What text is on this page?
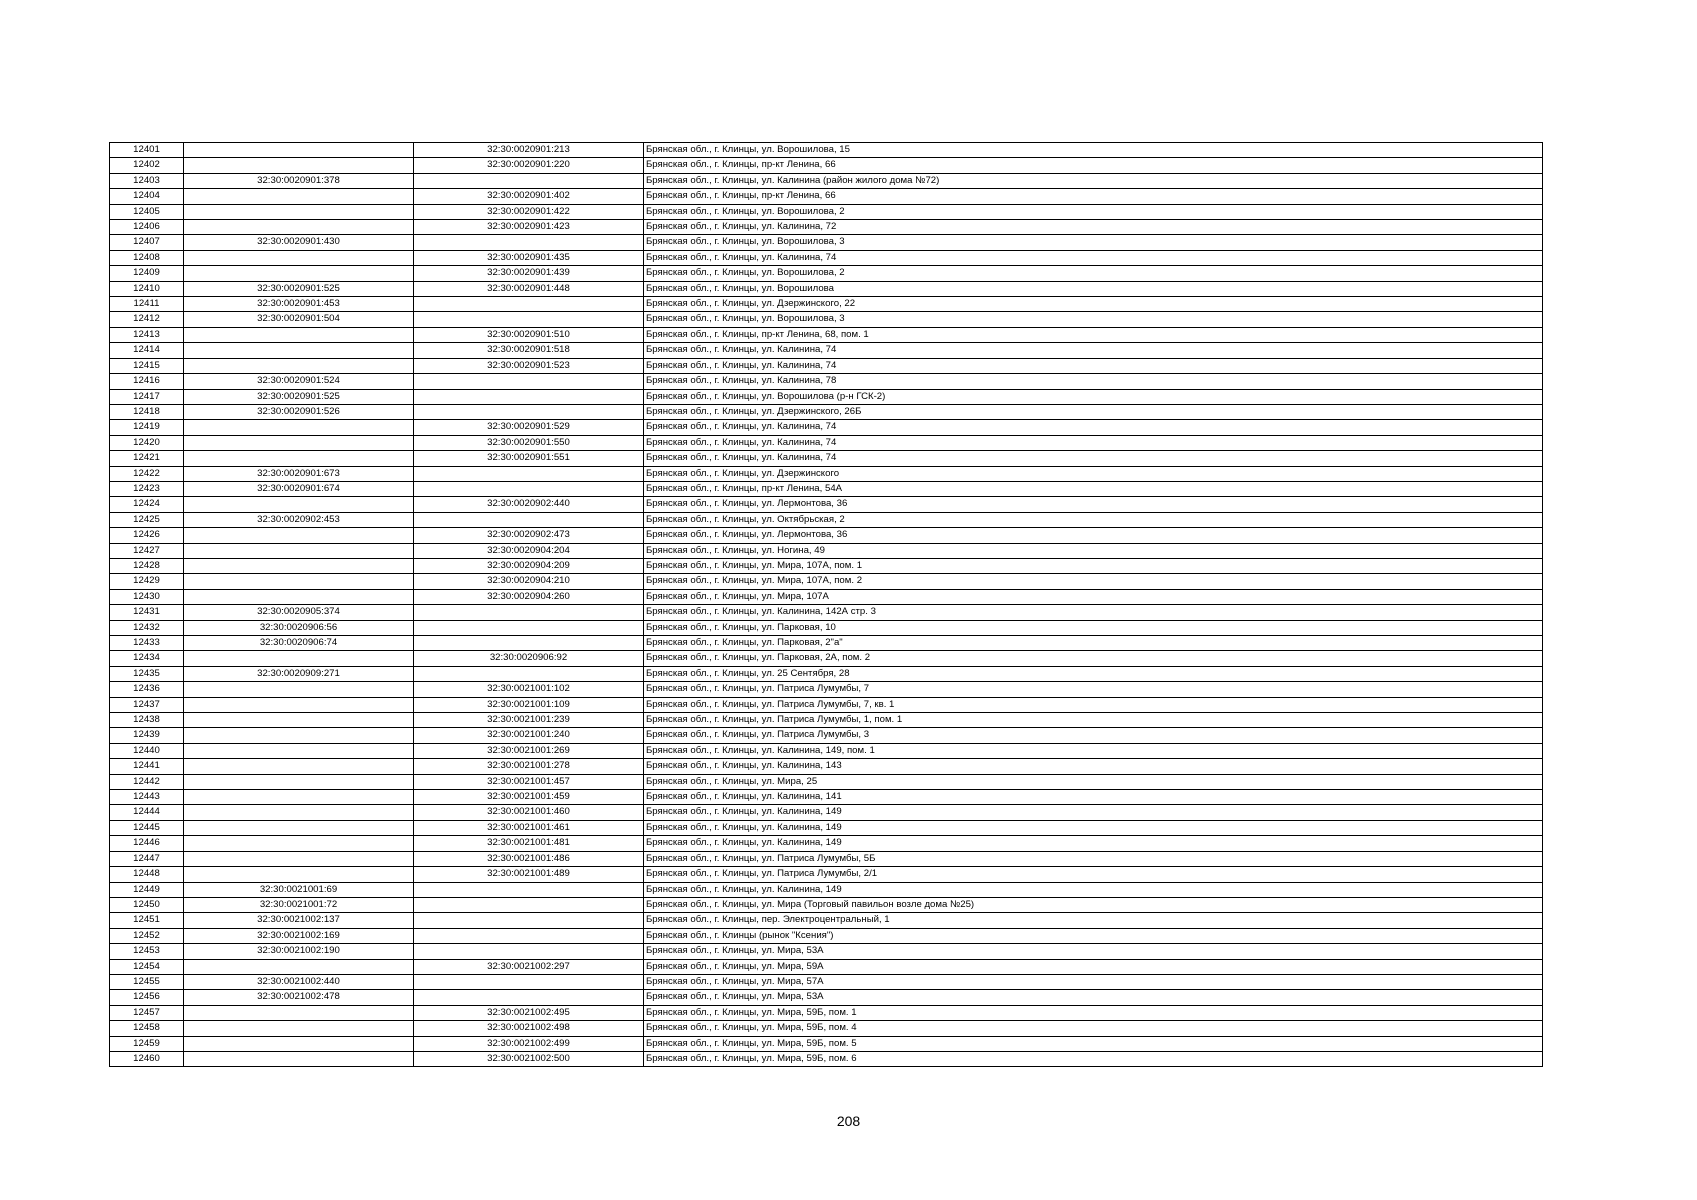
12401		32:30:0020901:213	Брянская обл., г. Клинцы, ул. Ворошилова, 15
12402		32:30:0020901:220	Брянская обл., г. Клинцы, пр-кт Ленина, 66
12403	32:30:0020901:378		Брянская обл., г. Клинцы, ул. Калинина (район жилого дома №72)
12404		32:30:0020901:402	Брянская обл., г. Клинцы, пр-кт Ленина, 66
12405		32:30:0020901:422	Брянская обл., г. Клинцы, ул. Ворошилова, 2
12406		32:30:0020901:423	Брянская обл., г. Клинцы, ул. Калинина, 72
12407	32:30:0020901:430		Брянская обл., г. Клинцы, ул. Ворошилова, 3
12408		32:30:0020901:435	Брянская обл., г. Клинцы, ул. Калинина, 74
12409		32:30:0020901:439	Брянская обл., г. Клинцы, ул. Ворошилова, 2
12410	32:30:0020901:525	32:30:0020901:448	Брянская обл., г. Клинцы, ул. Ворошилова
12411	32:30:0020901:453		Брянская обл., г. Клинцы, ул. Дзержинского, 22
12412	32:30:0020901:504		Брянская обл., г. Клинцы, ул. Ворошилова, 3
12413		32:30:0020901:510	Брянская обл., г. Клинцы, пр-кт Ленина, 68, пом. 1
12414		32:30:0020901:518	Брянская обл., г. Клинцы, ул. Калинина, 74
12415		32:30:0020901:523	Брянская обл., г. Клинцы, ул. Калинина, 74
12416	32:30:0020901:524		Брянская обл., г. Клинцы, ул. Калинина, 78
12417	32:30:0020901:525		Брянская обл., г. Клинцы, ул. Ворошилова (р-н ГСК-2)
12418	32:30:0020901:526		Брянская обл., г. Клинцы, ул. Дзержинского, 26Б
12419		32:30:0020901:529	Брянская обл., г. Клинцы, ул. Калинина, 74
12420		32:30:0020901:550	Брянская обл., г. Клинцы, ул. Калинина, 74
12421		32:30:0020901:551	Брянская обл., г. Клинцы, ул. Калинина, 74
12422	32:30:0020901:673		Брянская обл., г. Клинцы, ул. Дзержинского
12423	32:30:0020901:674		Брянская обл., г. Клинцы, пр-кт Ленина, 54А
12424		32:30:0020902:440	Брянская обл., г. Клинцы, ул. Лермонтова, 36
12425	32:30:0020902:453		Брянская обл., г. Клинцы, ул. Октябрьская, 2
12426		32:30:0020902:473	Брянская обл., г. Клинцы, ул. Лермонтова, 36
12427		32:30:0020904:204	Брянская обл., г. Клинцы, ул. Ногина, 49
12428		32:30:0020904:209	Брянская обл., г. Клинцы, ул. Мира, 107А, пом. 1
12429		32:30:0020904:210	Брянская обл., г. Клинцы, ул. Мира, 107А, пом. 2
12430		32:30:0020904:260	Брянская обл., г. Клинцы, ул. Мира, 107А
12431	32:30:0020905:374		Брянская обл., г. Клинцы, ул. Калинина, 142А стр. 3
12432	32:30:0020906:56		Брянская обл., г. Клинцы, ул. Парковая, 10
12433	32:30:0020906:74		Брянская обл., г. Клинцы, ул. Парковая, 2"а"
12434		32:30:0020906:92	Брянская обл., г. Клинцы, ул. Парковая, 2А, пом. 2
12435	32:30:0020909:271		Брянская обл., г. Клинцы, ул. 25 Сентября, 28
12436		32:30:0021001:102	Брянская обл., г. Клинцы, ул. Патриса Лумумбы, 7
12437		32:30:0021001:109	Брянская обл., г. Клинцы, ул. Патриса Лумумбы, 7, кв. 1
12438		32:30:0021001:239	Брянская обл., г. Клинцы, ул. Патриса Лумумбы, 1, пом. 1
12439		32:30:0021001:240	Брянская обл., г. Клинцы, ул. Патриса Лумумбы, 3
12440		32:30:0021001:269	Брянская обл., г. Клинцы, ул. Калинина, 149, пом. 1
12441		32:30:0021001:278	Брянская обл., г. Клинцы, ул. Калинина, 143
12442		32:30:0021001:457	Брянская обл., г. Клинцы, ул. Мира, 25
12443		32:30:0021001:459	Брянская обл., г. Клинцы, ул. Калинина, 141
12444		32:30:0021001:460	Брянская обл., г. Клинцы, ул. Калинина, 149
12445		32:30:0021001:461	Брянская обл., г. Клинцы, ул. Калинина, 149
12446		32:30:0021001:481	Брянская обл., г. Клинцы, ул. Калинина, 149
12447		32:30:0021001:486	Брянская обл., г. Клинцы, ул. Патриса Лумумбы, 5Б
12448		32:30:0021001:489	Брянская обл., г. Клинцы, ул. Патриса Лумумбы, 2/1
12449	32:30:0021001:69		Брянская обл., г. Клинцы, ул. Калинина, 149
12450	32:30:0021001:72		Брянская обл., г. Клинцы, ул. Мира (Торговый павильон возле дома №25)
12451	32:30:0021002:137		Брянская обл., г. Клинцы, пер. Электроцентральный, 1
12452	32:30:0021002:169		Брянская обл., г. Клинцы (рынок "Ксения")
12453	32:30:0021002:190		Брянская обл., г. Клинцы, ул. Мира, 53А
12454		32:30:0021002:297	Брянская обл., г. Клинцы, ул. Мира, 59А
12455	32:30:0021002:440		Брянская обл., г. Клинцы, ул. Мира, 57А
12456	32:30:0021002:478		Брянская обл., г. Клинцы, ул. Мира, 53А
12457		32:30:0021002:495	Брянская обл., г. Клинцы, ул. Мира, 59Б, пом. 1
12458		32:30:0021002:498	Брянская обл., г. Клинцы, ул. Мира, 59Б, пом. 4
12459		32:30:0021002:499	Брянская обл., г. Клинцы, ул. Мира, 59Б, пом. 5
12460		32:30:0021002:500	Брянская обл., г. Клинцы, ул. Мира, 59Б, пом. 6
208
